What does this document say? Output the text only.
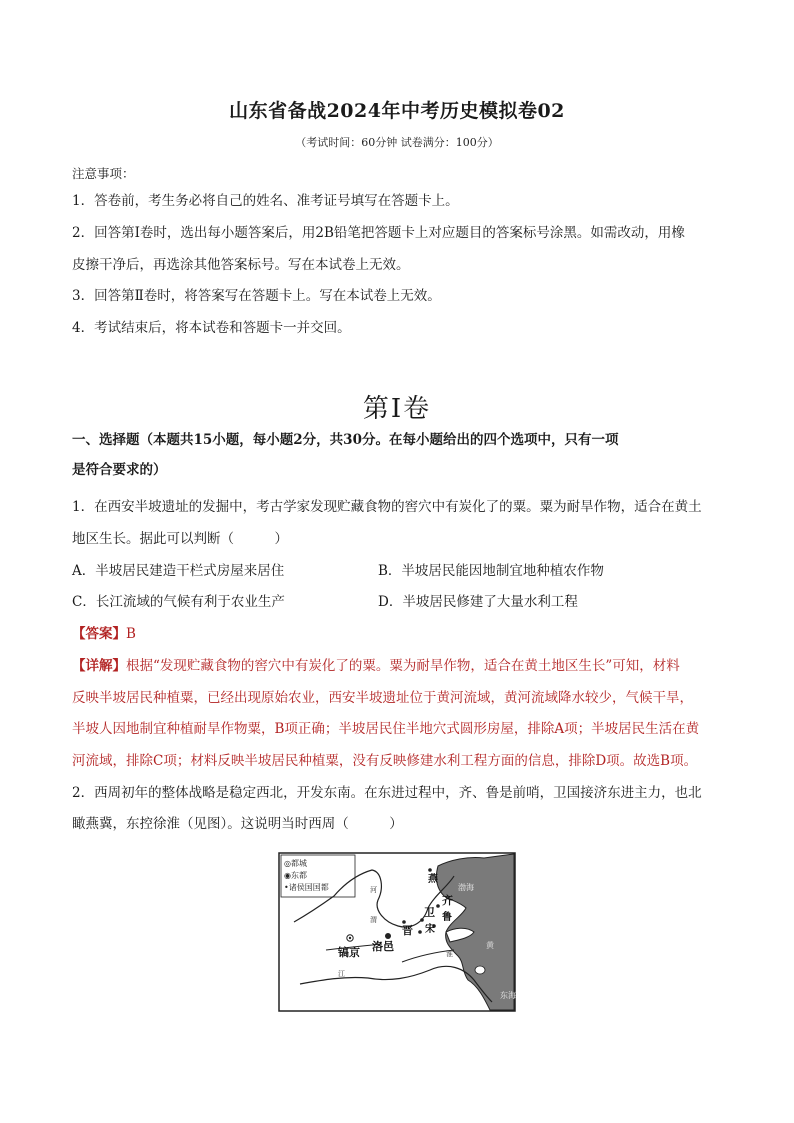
山东省备战2024年中考历史模拟卷02
（考试时间：60分钟 试卷满分：100分）
注意事项：
1．答卷前，考生务必将自己的姓名、准考证号填写在答题卡上。
2．回答第Ⅰ卷时，选出每小题答案后，用2B铅笔把答题卡上对应题目的答案标号涂黑。如需改动，用橡
皮擦干净后，再选涂其他答案标号。写在本试卷上无效。
3．回答第Ⅱ卷时，将答案写在答题卡上。写在本试卷上无效。
4．考试结束后，将本试卷和答题卡一并交回。
第Ⅰ卷
一、选择题（本题共15小题，每小题2分，共30分。在每小题给出的四个选项中，只有一项
是符合要求的）
1．在西安半坡遗址的发掘中，考古学家发现贮藏食物的窖穴中有炭化了的粟。粟为耐旱作物，适合在黄土
地区生长。据此可以判断（　　　）
A．半坡居民建造干栏式房屋来居住	B．半坡居民能因地制宜地种植农作物
C．长江流域的气候有利于农业生产	D．半坡居民修建了大量水利工程
【答案】B
【详解】根据“发现贮藏食物的窖穴中有炭化了的粟。粟为耐旱作物，适合在黄土地区生长”可知，材料
反映半坡居民种植粟，已经出现原始农业，西安半坡遗址位于黄河流域，黄河流域降水较少，气候干旱，
半坡人因地制宜种植耐旱作物粟，B项正确；半坡居民住半地穴式圆形房屋，排除A项；半坡居民生活在黄
河流域，排除C项；材料反映半坡居民种植粟，没有反映修建水利工程方面的信息，排除D项。故选B项。
2．西周初年的整体战略是稳定西北，开发东南。在东进过程中，齐、鲁是前哨，卫国接济东进主力，也北
瞰燕冀，东控徐淮（见图）。这说明当时西周（　　　）
◎都城
◉东都
•诸侯国国都
燕
卫
齐
晋 宋
鲁
洛邑
镐京
渤海
黄
东海
河
江
淮
渭
